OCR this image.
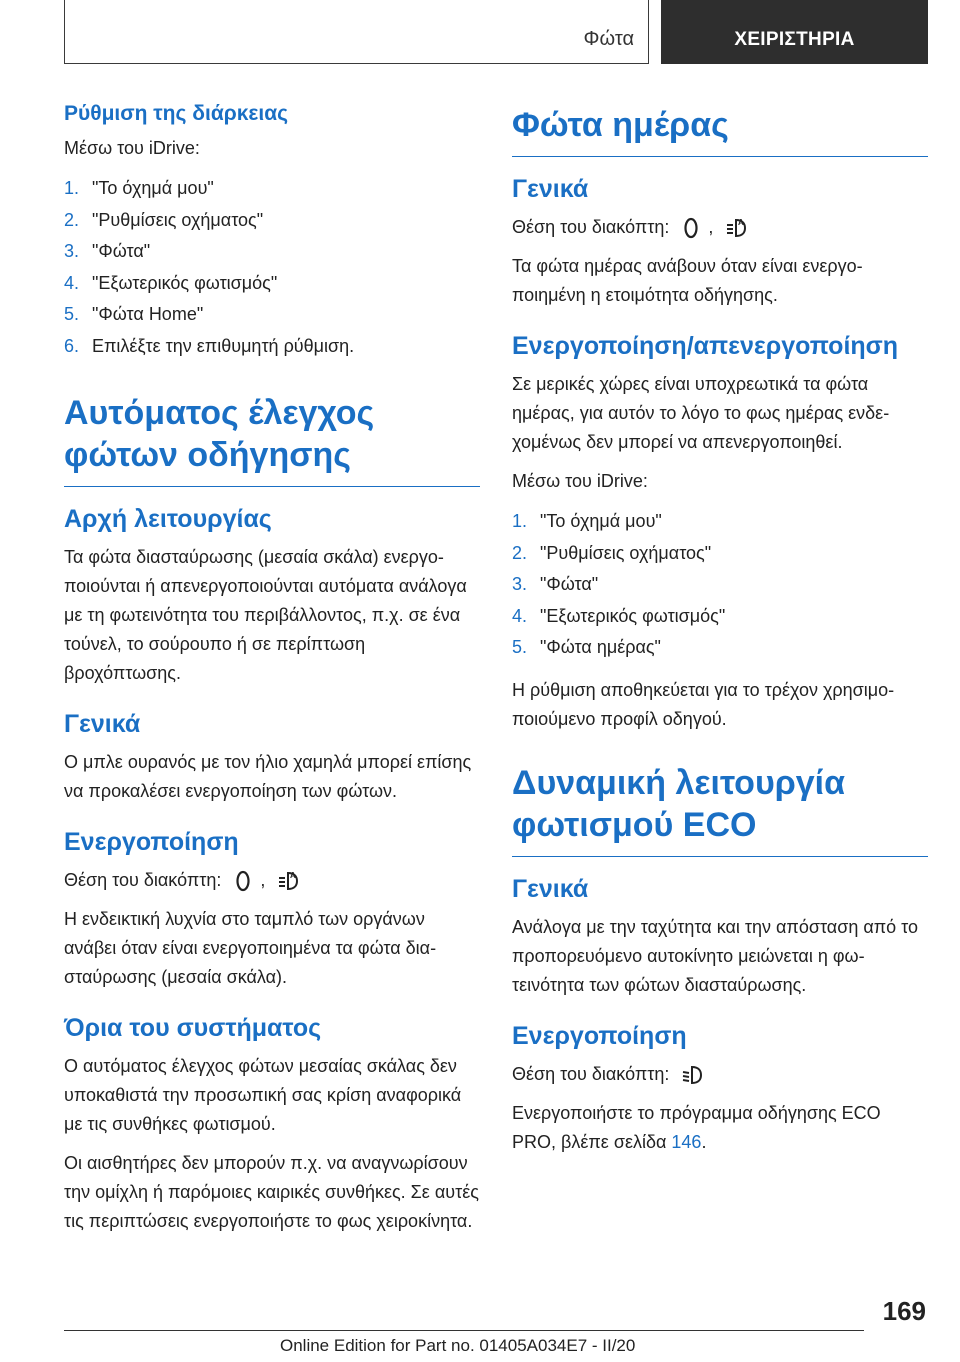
Φώτα	ΧΕΙΡΙΣΤΗΡΙΑ
Ρύθμιση της διάρκειας

Μέσω του iDrive:

1. "Το όχημά μου"
2. "Ρυθμίσεις οχήματος"
3. "Φώτα"
4. "Εξωτερικός φωτισμός"
5. "Φώτα Home"
6. Επιλέξτε την επιθυμητή ρύθμιση.
Αυτόματος έλεγχος φώτων οδήγησης
Αρχή λειτουργίας

Τα φώτα διασταύρωσης (μεσαία σκάλα) ενεργοποιούνται ή απενεργοποιούνται αυτόματα ανάλογα με τη φωτεινότητα του περιβάλλοντος, π.χ. σε ένα τούνελ, το σούρουπο ή σε περίπτωση βροχόπτωσης.

Γενικά

Ο μπλε ουρανός με τον ήλιο χαμηλά μπορεί επίσης να προκαλέσει ενεργοποίηση των φώτων.

Ενεργοποίηση

Θέση του διακόπτη: ,	A

Η ενδεικτική λυχνία στο ταμπλό των οργάνων ανάβει όταν είναι ενεργοποιημένα τα φώτα διασταύρωσης (μεσαία σκάλα).

Όρια του συστήματος

Ο αυτόματος έλεγχος φώτων μεσαίας σκάλας δεν υποκαθιστά την προσωπική σας κρίση αναφορικά με τις συνθήκες φωτισμού.

Οι αισθητήρες δεν μπορούν π.χ. να αναγνωρίσουν την ομίχλη ή παρόμοιες καιρικές συνθήκες. Σε αυτές τις περιπτώσεις ενεργοποιήστε το φως χειροκίνητα.

Φώτα ημέρας
Γενικά

Θέση του διακόπτη: ,	A

Τα φώτα ημέρας ανάβουν όταν είναι ενεργοποιημένη η ετοιμότητα οδήγησης.

Ενεργοποίηση/απενεργοποίηση

Σε μερικές χώρες είναι υποχρεωτικά τα φώτα ημέρας, για αυτόν το λόγο το φως ημέρας ενδεχομένως δεν μπορεί να απενεργοποιηθεί.

Μέσω του iDrive:

1. "Το όχημά μου"
2. "Ρυθμίσεις οχήματος"
3. "Φώτα"
4. "Εξωτερικός φωτισμός"
5. "Φώτα ημέρας"

Η ρύθμιση αποθηκεύεται για το τρέχον χρησιμοποιούμενο προφίλ οδηγού.

Δυναμική λειτουργία φωτισμού ECO
Γενικά

Ανάλογα με την ταχύτητα και την απόσταση από το προπορευόμενο αυτοκίνητο μειώνεται η φωτεινότητα των φώτων διασταύρωσης.

Ενεργοποίηση

Θέση του διακόπτη:

Ενεργοποιήστε το πρόγραμμα οδήγησης ECO PRO, βλέπε σελίδα 146.

169
Online Edition for Part no. 01405A034E7 - II/20
